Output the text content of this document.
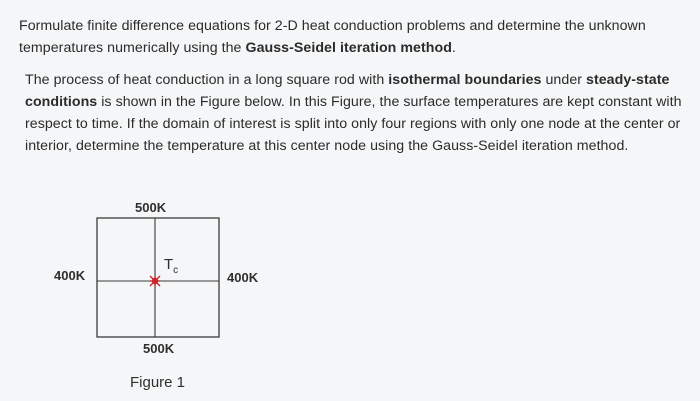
Formulate finite difference equations for 2-D heat conduction problems and determine the unknown
temperatures numerically using the Gauss-Seidel iteration method.
The process of heat conduction in a long square rod with isothermal boundaries under steady-state conditions is shown in the Figure below. In this Figure, the surface temperatures are kept constant with respect to time. If the domain of interest is split into only four regions with only one node at the center or interior, determine the temperature at this center node using the Gauss-Seidel iteration method.
500K
500K
400K	400K
$T_c$
Figure 1
